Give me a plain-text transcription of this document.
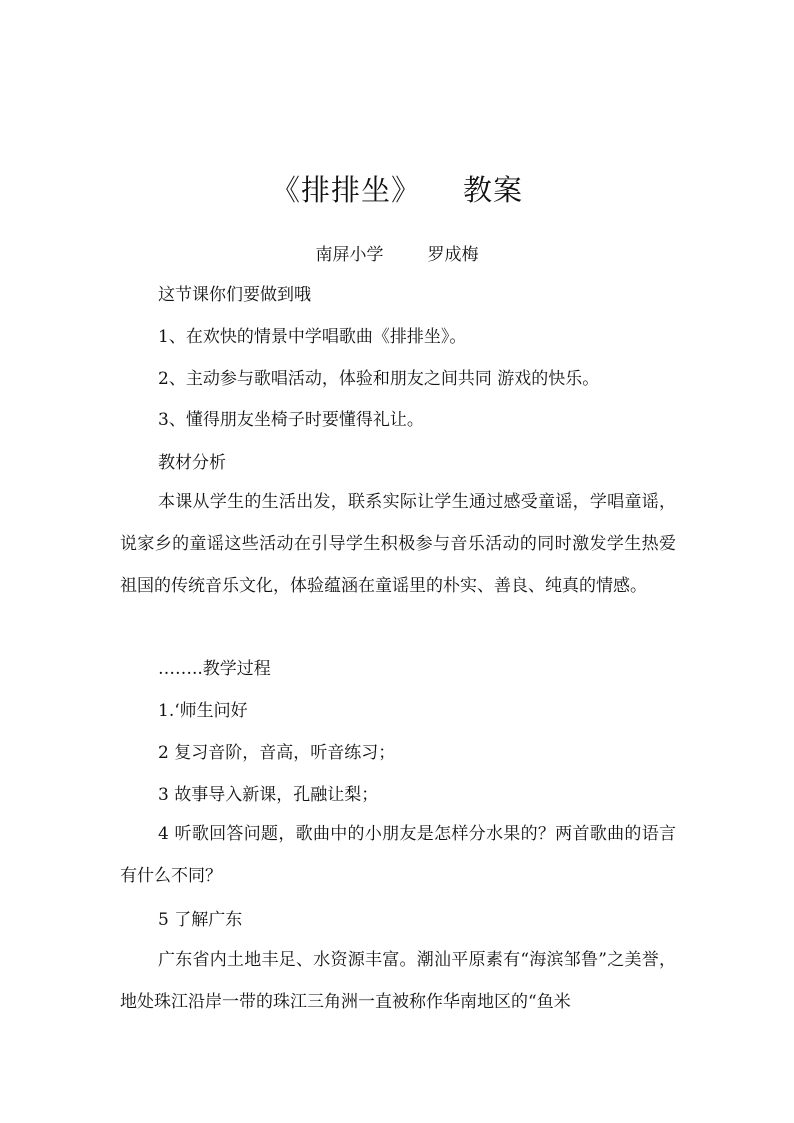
《排排坐》 教案
南屏小学	罗成梅
这节课你们要做到哦
1、在欢快的情景中学唱歌曲《排排坐》。
2、主动参与歌唱活动，体验和朋友之间共同 游戏的快乐。
3、懂得朋友坐椅子时要懂得礼让。
教材分析
本课从学生的生活出发，联系实际让学生通过感受童谣，学唱童谣，说家乡的童谣这些活动在引导学生积极参与音乐活动的同时激发学生热爱祖国的传统音乐文化，体验蕴涵在童谣里的朴实、善良、纯真的情感。
……..教学过程
1.‘师生问好
2 复习音阶，音高，听音练习；
3 故事导入新课，孔融让梨；
4 听歌回答问题，歌曲中的小朋友是怎样分水果的？两首歌曲的语言有什么不同？
5 了解广东
广东省内土地丰足、水资源丰富。潮汕平原素有“海滨邹鲁”之美誉，地处珠江沿岸一带的珠江三角洲一直被称作华南地区的“鱼米
